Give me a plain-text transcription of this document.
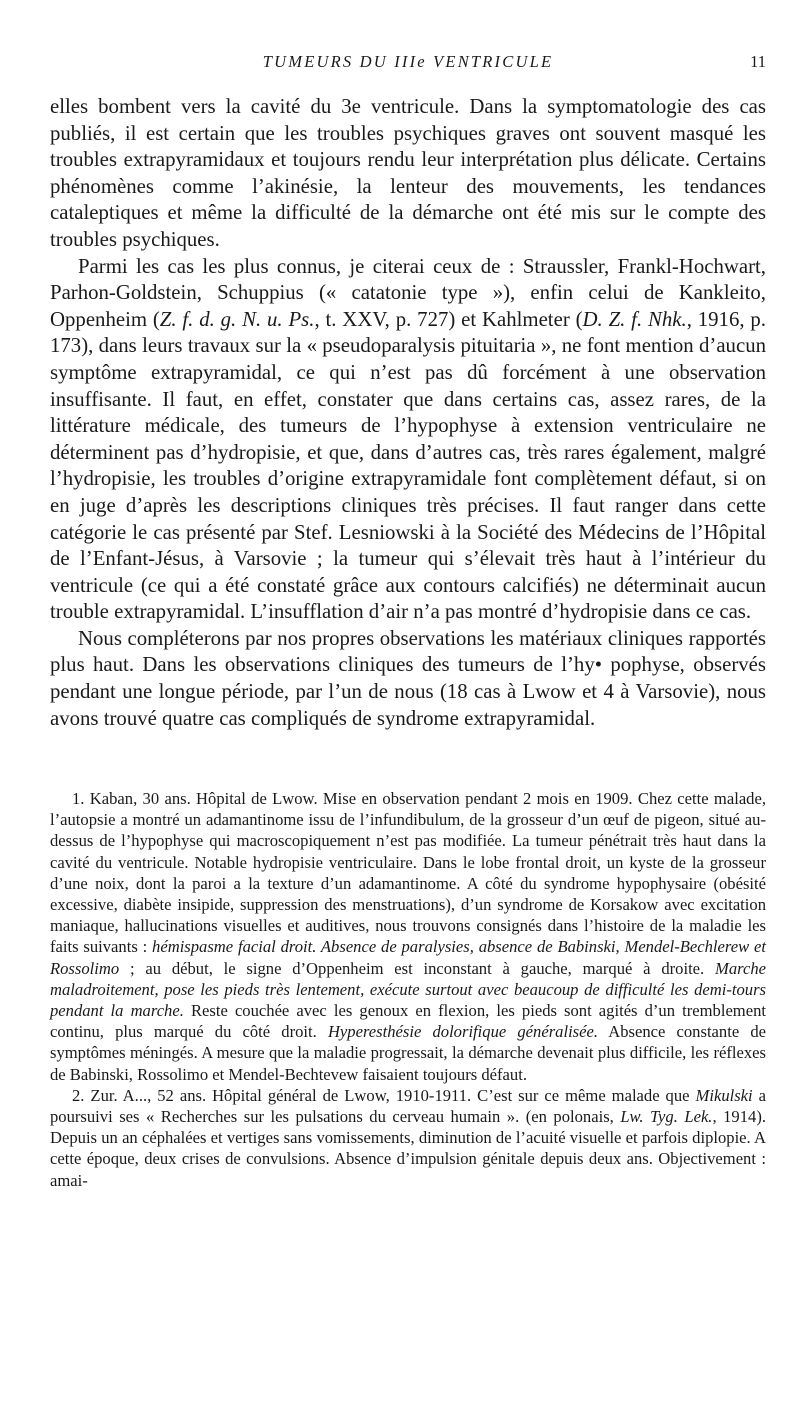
TUMEURS DU IIIe VENTRICULE	11

elles bombent vers la cavité du 3e ventricule. Dans la symptomatologie des cas publiés, il est certain que les troubles psychiques graves ont souvent masqué les troubles extrapyramidaux et toujours rendu leur interprétation plus délicate. Certains phénomènes comme l’akinésie, la lenteur des mouvements, les tendances cataleptiques et même la difficulté de la démarche ont été mis sur le compte des troubles psychiques.

Parmi les cas les plus connus, je citerai ceux de : Straussler, Frankl-Hochwart, Parhon-Goldstein, Schuppius (« catatonie type »), enfin celui de Kankleito, Oppenheim (Z. f. d. g. N. u. Ps., t. XXV, p. 727) et Kahlmeter (D. Z. f. Nhk., 1916, p. 173), dans leurs travaux sur la « pseudoparalysis pituitaria », ne font mention d’aucun symptôme extrapyramidal, ce qui n’est pas dû forcément à une observation insuffisante. Il faut, en effet, constater que dans certains cas, assez rares, de la littérature médicale, des tumeurs de l’hypophyse à extension ventriculaire ne déterminent pas d’hydropisie, et que, dans d’autres cas, très rares également, malgré l’hydropisie, les troubles d’origine extrapyramidale font complètement défaut, si on en juge d’après les descriptions cliniques très précises. Il faut ranger dans cette catégorie le cas présenté par Stef. Lesniowski à la Société des Médecins de l’Hôpital de l’Enfant-Jésus, à Varsovie ; la tumeur qui s’élevait très haut à l’intérieur du ventricule (ce qui a été constaté grâce aux contours calcifiés) ne déterminait aucun trouble extrapyramidal. L’insufflation d’air n’a pas montré d’hydropisie dans ce cas.

Nous compléterons par nos propres observations les matériaux cliniques rapportés plus haut. Dans les observations cliniques des tumeurs de l’hy• pophyse, observés pendant une longue période, par l’un de nous (18 cas à Lwow et 4 à Varsovie), nous avons trouvé quatre cas compliqués de syndrome extrapyramidal.

1. Kaban, 30 ans. Hôpital de Lwow. Mise en observation pendant 2 mois en 1909. Chez cette malade, l’autopsie a montré un adamantinome issu de l’infundibulum, de la grosseur d’un œuf de pigeon, situé au-dessus de l’hypophyse qui macroscopiquement n’est pas modifiée. La tumeur pénétrait très haut dans la cavité du ventricule. Notable hydropisie ventriculaire. Dans le lobe frontal droit, un kyste de la grosseur d’une noix, dont la paroi a la texture d’un adamantinome. A côté du syndrome hypophysaire (obésité excessive, diabète insipide, suppression des menstruations), d’un syndrome de Korsakow avec excitation maniaque, hallucinations visuelles et auditives, nous trouvons consignés dans l’histoire de la maladie les faits suivants : hémispasme facial droit. Absence de paralysies, absence de Babinski, Mendel-Bechlerew et Rossolimo ; au début, le signe d’Oppenheim est inconstant à gauche, marqué à droite. Marche maladroitement, pose les pieds très lentement, exécute surtout avec beaucoup de difficulté les demi-tours pendant la marche. Reste couchée avec les genoux en flexion, les pieds sont agités d’un tremblement continu, plus marqué du côté droit. Hyperesthésie dolorifique généralisée. Absence constante de symptômes méningés. A mesure que la maladie progressait, la démarche devenait plus difficile, les réflexes de Babinski, Rossolimo et Mendel-Bechtevew faisaient toujours défaut.

2. Zur. A..., 52 ans. Hôpital général de Lwow, 1910-1911. C’est sur ce même malade que Mikulski a poursuivi ses « Recherches sur les pulsations du cerveau humain ». (en polonais, Lw. Tyg. Lek., 1914). Depuis un an céphalées et vertiges sans vomissements, diminution de l’acuité visuelle et parfois diplopie. A cette époque, deux crises de convulsions. Absence d’impulsion génitale depuis deux ans. Objectivement : amai-
